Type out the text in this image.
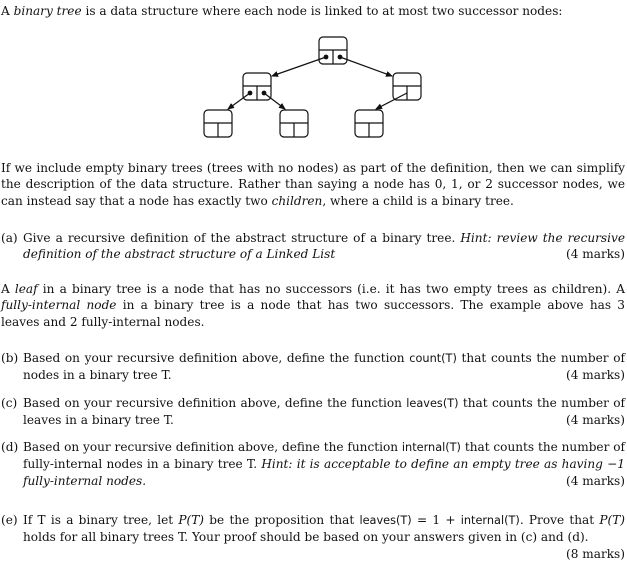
A binary tree is a data structure where each node is linked to at most two successor nodes:
If we include empty binary trees (trees with no nodes) as part of the definition, then we can simplify the description of the data structure. Rather than saying a node has 0, 1, or 2 successor nodes, we can instead say that a node has exactly two children, where a child is a binary tree.
(a) Give a recursive definition of the abstract structure of a binary tree. Hint: review the recursive definition of the abstract structure of a Linked List	(4 marks)
A leaf in a binary tree is a node that has no successors (i.e. it has two empty trees as children). A fully-internal node in a binary tree is a node that has two successors. The example above has 3 leaves and 2 fully-internal nodes.
(b) Based on your recursive definition above, define the function count(T) that counts the number of nodes in a binary tree T.	(4 marks)
(c) Based on your recursive definition above, define the function leaves(T) that counts the number of leaves in a binary tree T.	(4 marks)
(d) Based on your recursive definition above, define the function internal(T) that counts the number of fully-internal nodes in a binary tree T. Hint: it is acceptable to define an empty tree as having −1 fully-internal nodes.	(4 marks)
(e) If T is a binary tree, let P(T) be the proposition that leaves(T) = 1 + internal(T). Prove that P(T) holds for all binary trees T. Your proof should be based on your answers given in (c) and (d).
(8 marks)
